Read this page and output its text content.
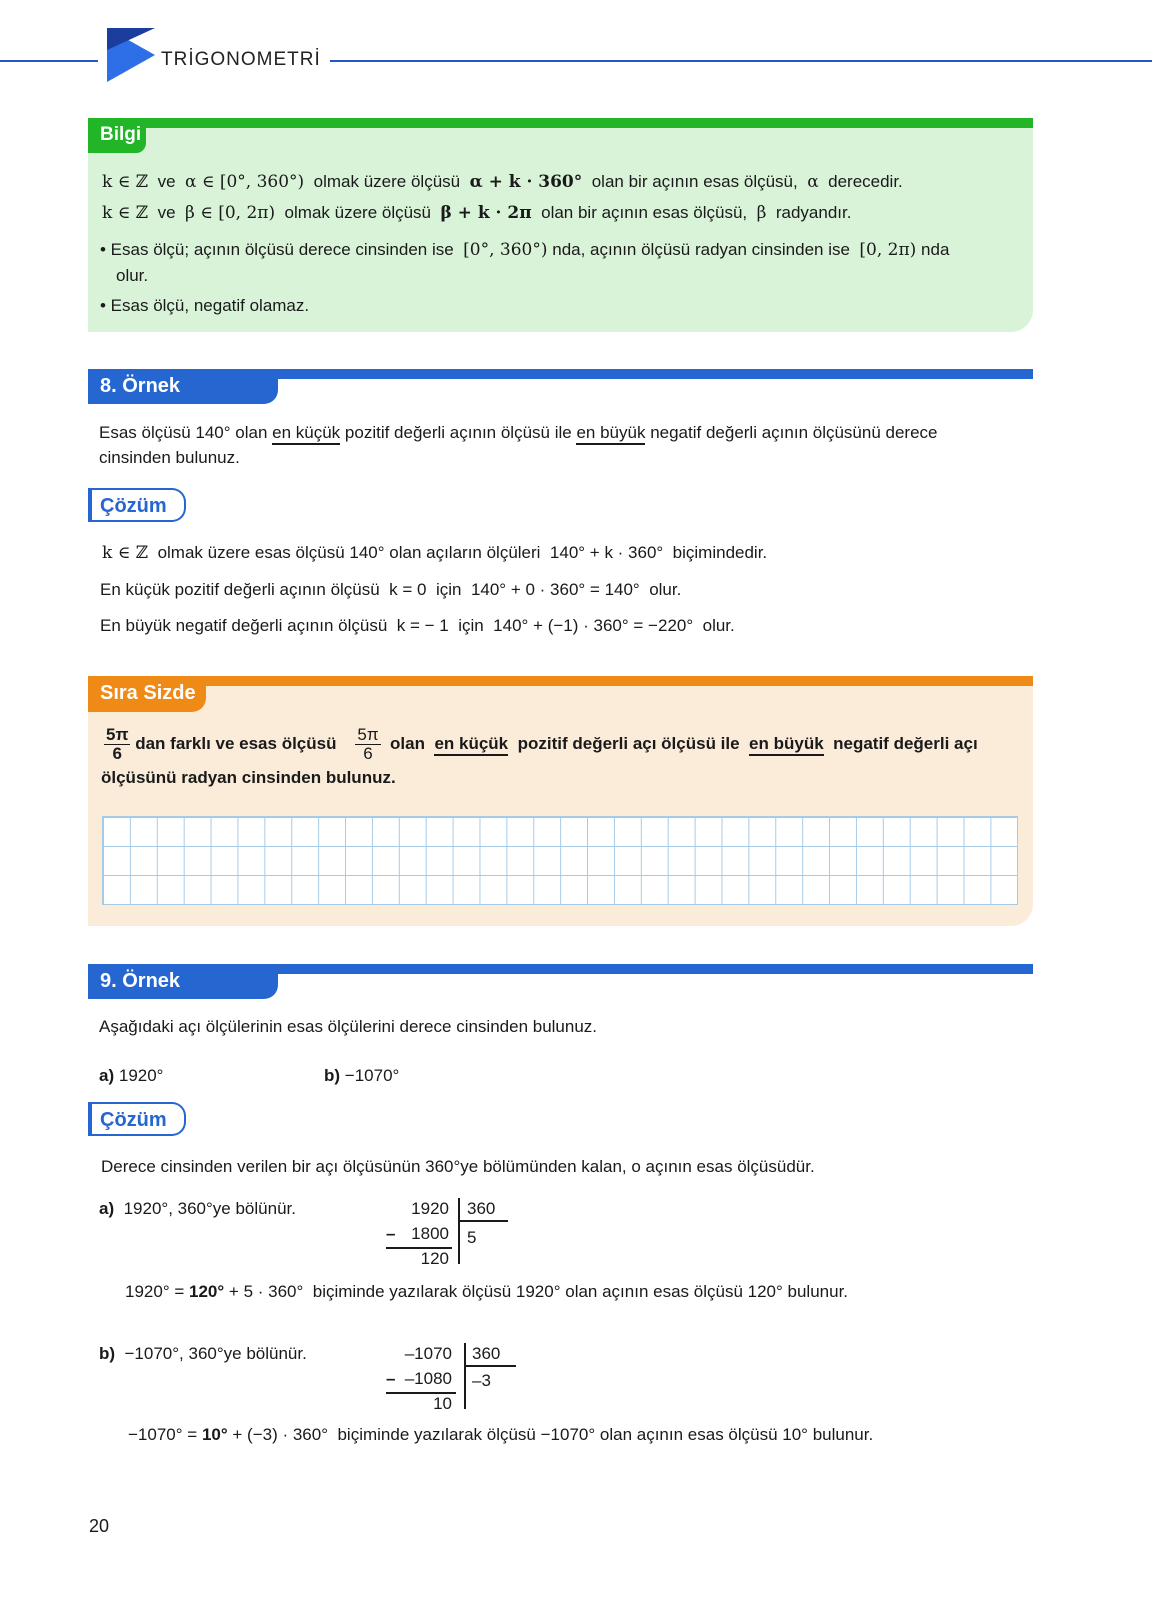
TRİGONOMETRİ
Bilgi
k ∈ ℤ ve α ∈ [0°, 360°) olmak üzere ölçüsü α + k · 360° olan bir açının esas ölçüsü, α derecedir.
k ∈ ℤ ve β ∈ [0, 2π) olmak üzere ölçüsü β + k · 2π olan bir açının esas ölçüsü, β radyandır.
• Esas ölçü; açının ölçüsü derece cinsinden ise [0°, 360°) nda, açının ölçüsü radyan cinsinden ise [0, 2π) nda
olur.
• Esas ölçü, negatif olamaz.
8. Örnek
Esas ölçüsü 140° olan en küçük pozitif değerli açının ölçüsü ile en büyük negatif değerli açının ölçüsünü derece
cinsinden bulunuz.
Çözüm
k ∈ ℤ olmak üzere esas ölçüsü 140° olan açıların ölçüleri 140° + k · 360° biçimindedir.
En küçük pozitif değerli açının ölçüsü k = 0 için 140° + 0 · 360° = 140° olur.
En büyük negatif değerli açının ölçüsü k = − 1 için 140° + (−1) · 360° = −220° olur.
Sıra Sizde
$\frac{5\pi}{6}$ dan farklı ve esas ölçüsü $\frac{5\pi}{6}$ olan en küçük pozitif değerli açı ölçüsü ile en büyük negatif değerli açı
ölçüsünü radyan cinsinden bulunuz.
9. Örnek
Aşağıdaki açı ölçülerinin esas ölçülerini derece cinsinden bulunuz.
a) 1920°	b) −1070°
Çözüm
Derece cinsinden verilen bir açı ölçüsünün 360°ye bölümünden kalan, o açının esas ölçüsüdür.
a) 1920°, 360°ye bölünür.	1920 360
– 1800 5
120
1920° = 120° + 5 · 360° biçiminde yazılarak ölçüsü 1920° olan açının esas ölçüsü 120° bulunur.
b) −1070°, 360°ye bölünür.	–1070 360
– –1080 –3
10
−1070° = 10° + (−3) · 360° biçiminde yazılarak ölçüsü −1070° olan açının esas ölçüsü 10° bulunur.
20
